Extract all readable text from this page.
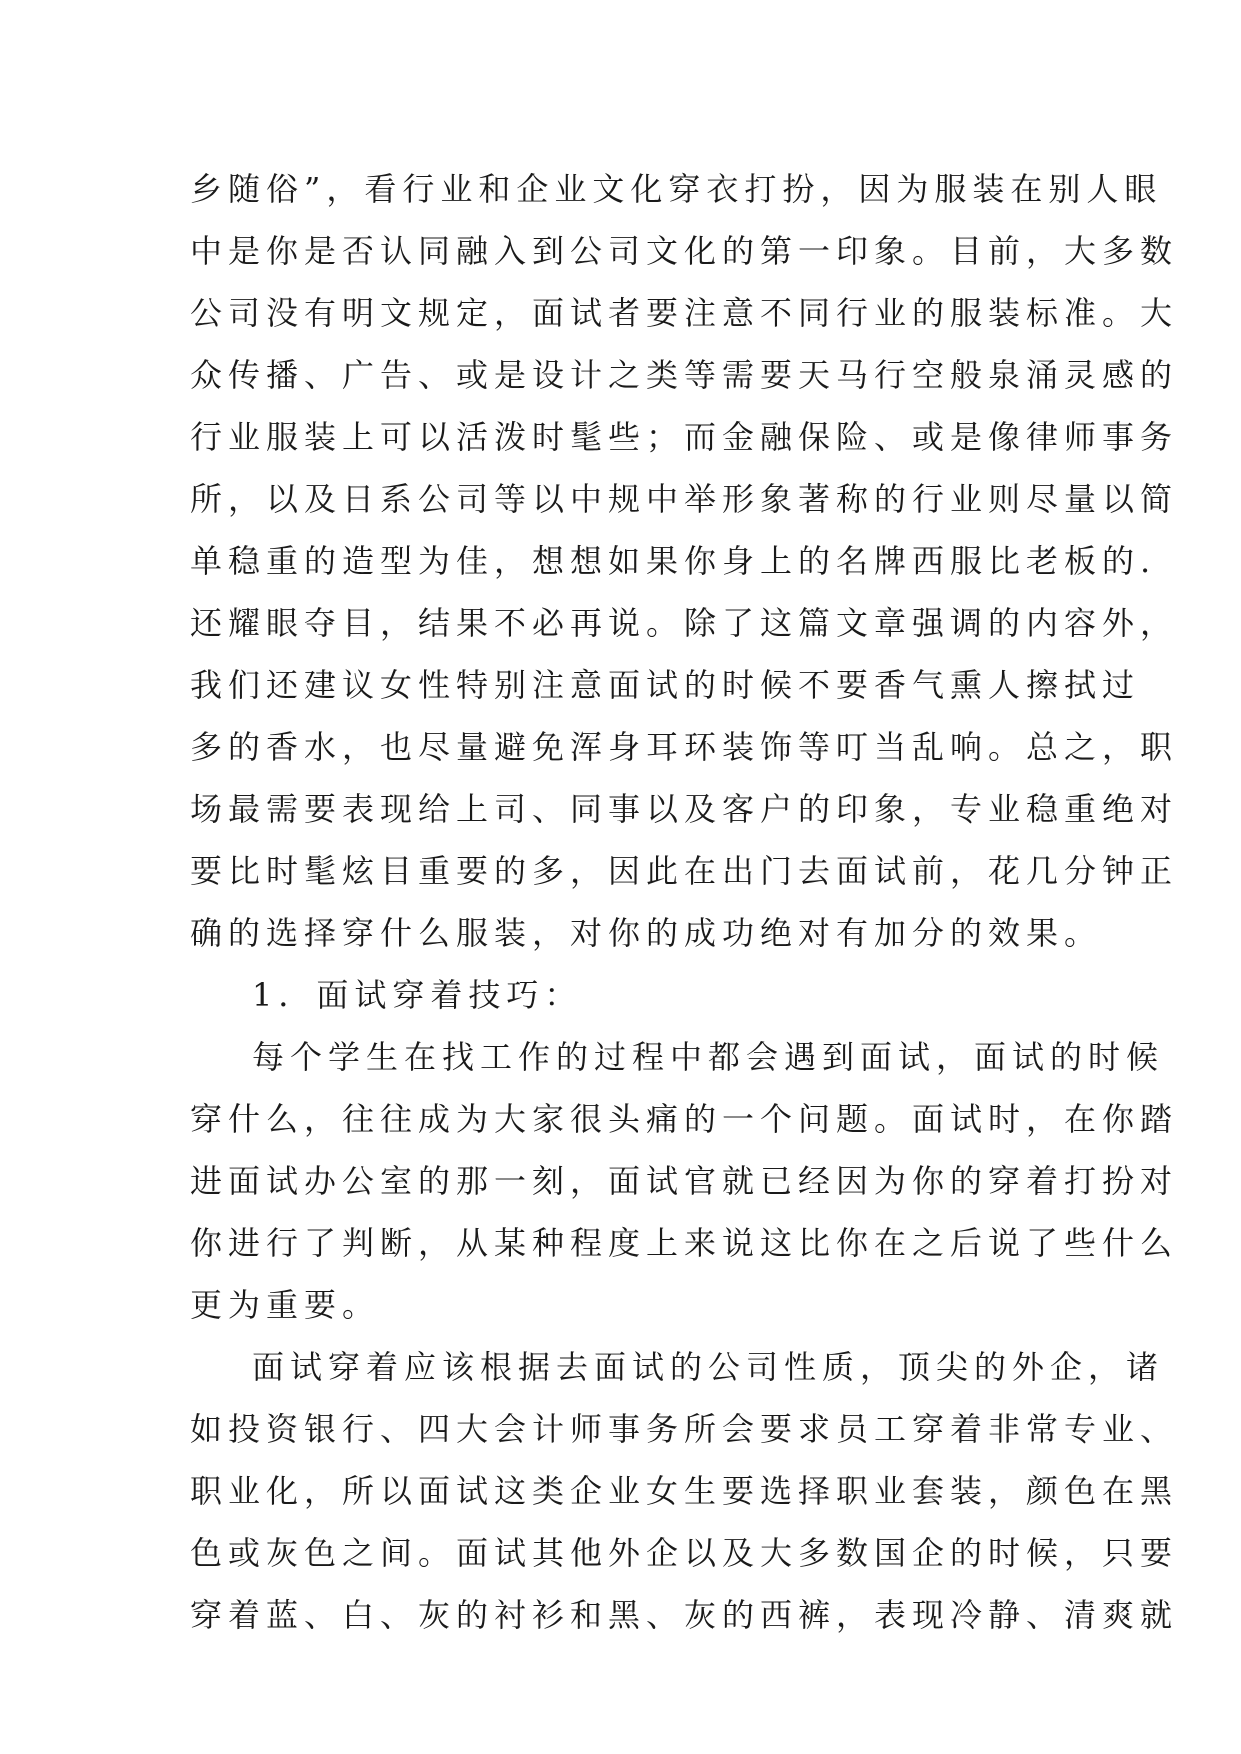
乡随俗”，看行业和企业文化穿衣打扮，因为服装在别人眼
中是你是否认同融入到公司文化的第一印象。目前，大多数
公司没有明文规定，面试者要注意不同行业的服装标准。大
众传播、广告、或是设计之类等需要天马行空般泉涌灵感的
行业服装上可以活泼时髦些；而金融保险、或是像律师事务
所，以及日系公司等以中规中举形象著称的行业则尽量以简
单稳重的造型为佳，想想如果你身上的名牌西服比老板的.
还耀眼夺目，结果不必再说。除了这篇文章强调的内容外，
我们还建议女性特别注意面试的时候不要香气熏人擦拭过
多的香水，也尽量避免浑身耳环装饰等叮当乱响。总之，职
场最需要表现给上司、同事以及客户的印象，专业稳重绝对
要比时髦炫目重要的多，因此在出门去面试前，花几分钟正
确的选择穿什么服装，对你的成功绝对有加分的效果。
1．面试穿着技巧：
每个学生在找工作的过程中都会遇到面试，面试的时候
穿什么，往往成为大家很头痛的一个问题。面试时，在你踏
进面试办公室的那一刻，面试官就已经因为你的穿着打扮对
你进行了判断，从某种程度上来说这比你在之后说了些什么
更为重要。
面试穿着应该根据去面试的公司性质，顶尖的外企，诸
如投资银行、四大会计师事务所会要求员工穿着非常专业、
职业化，所以面试这类企业女生要选择职业套装，颜色在黑
色或灰色之间。面试其他外企以及大多数国企的时候，只要
穿着蓝、白、灰的衬衫和黑、灰的西裤，表现冷静、清爽就
